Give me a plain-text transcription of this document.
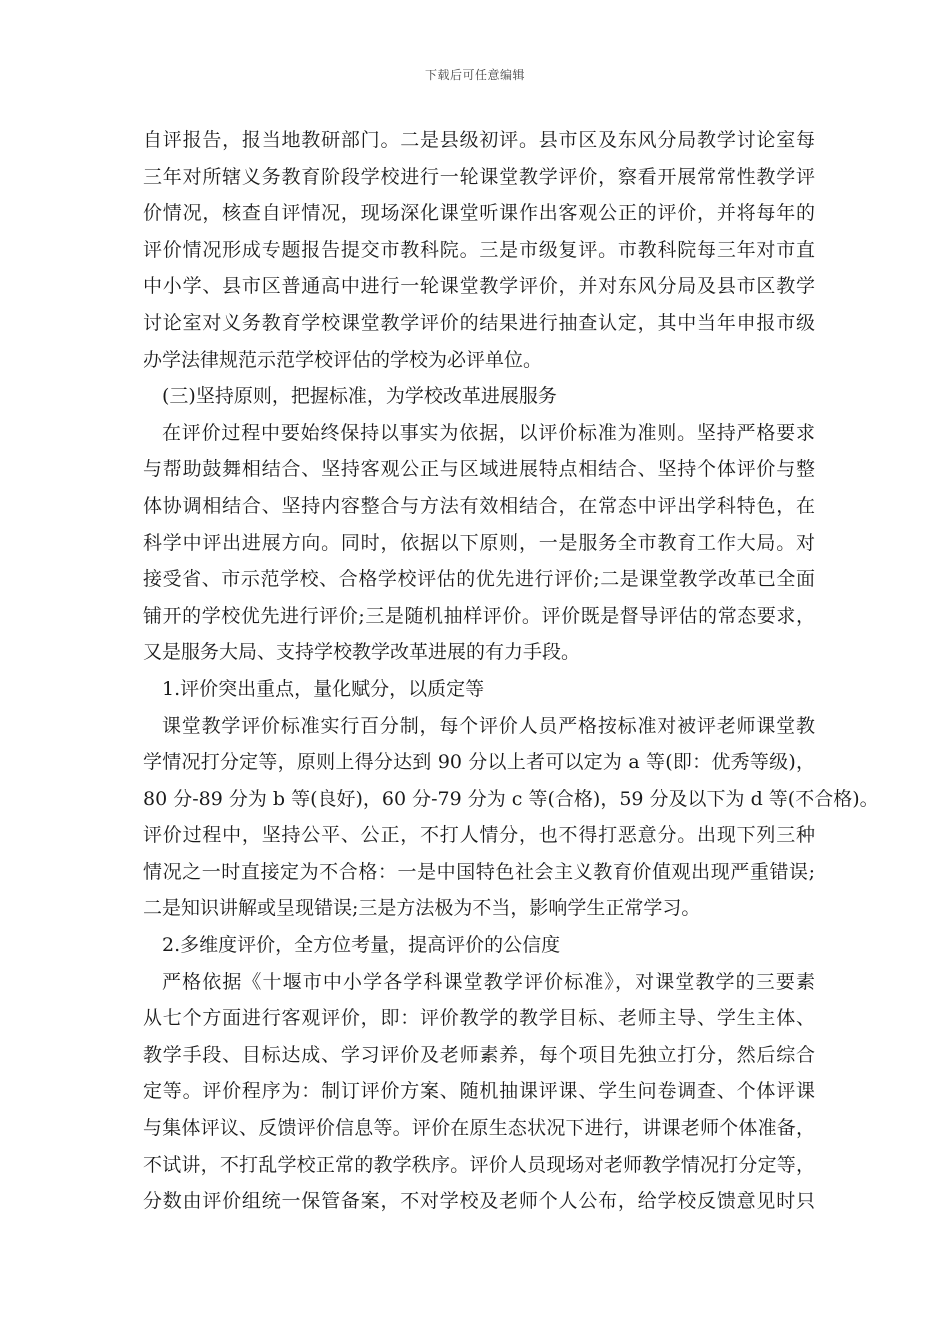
下载后可任意编辑
自评报告，报当地教研部门。二是县级初评。县市区及东风分局教学讨论室每
三年对所辖义务教育阶段学校进行一轮课堂教学评价，察看开展常常性教学评
价情况，核查自评情况，现场深化课堂听课作出客观公正的评价，并将每年的
评价情况形成专题报告提交市教科院。三是市级复评。市教科院每三年对市直
中小学、县市区普通高中进行一轮课堂教学评价，并对东风分局及县市区教学
讨论室对义务教育学校课堂教学评价的结果进行抽查认定，其中当年申报市级
办学法律规范示范学校评估的学校为必评单位。
(三)坚持原则，把握标准，为学校改革进展服务
在评价过程中要始终保持以事实为依据，以评价标准为准则。坚持严格要求
与帮助鼓舞相结合、坚持客观公正与区域进展特点相结合、坚持个体评价与整
体协调相结合、坚持内容整合与方法有效相结合，在常态中评出学科特色，在
科学中评出进展方向。同时，依据以下原则，一是服务全市教育工作大局。对
接受省、市示范学校、合格学校评估的优先进行评价;二是课堂教学改革已全面
铺开的学校优先进行评价;三是随机抽样评价。评价既是督导评估的常态要求，
又是服务大局、支持学校教学改革进展的有力手段。
1.评价突出重点，量化赋分，以质定等
课堂教学评价标准实行百分制，每个评价人员严格按标准对被评老师课堂教
学情况打分定等，原则上得分达到 90 分以上者可以定为 a 等(即：优秀等级)，
80 分-89 分为 b 等(良好)，60 分-79 分为 c 等(合格)，59 分及以下为 d 等(不合格)。
评价过程中，坚持公平、公正，不打人情分，也不得打恶意分。出现下列三种
情况之一时直接定为不合格：一是中国特色社会主义教育价值观出现严重错误;
二是知识讲解或呈现错误;三是方法极为不当，影响学生正常学习。
2.多维度评价，全方位考量，提高评价的公信度
严格依据《十堰市中小学各学科课堂教学评价标准》，对课堂教学的三要素
从七个方面进行客观评价，即：评价教学的教学目标、老师主导、学生主体、
教学手段、目标达成、学习评价及老师素养，每个项目先独立打分，然后综合
定等。评价程序为：制订评价方案、随机抽课评课、学生问卷调查、个体评课
与集体评议、反馈评价信息等。评价在原生态状况下进行，讲课老师个体准备，
不试讲，不打乱学校正常的教学秩序。评价人员现场对老师教学情况打分定等，
分数由评价组统一保管备案，不对学校及老师个人公布，给学校反馈意见时只
